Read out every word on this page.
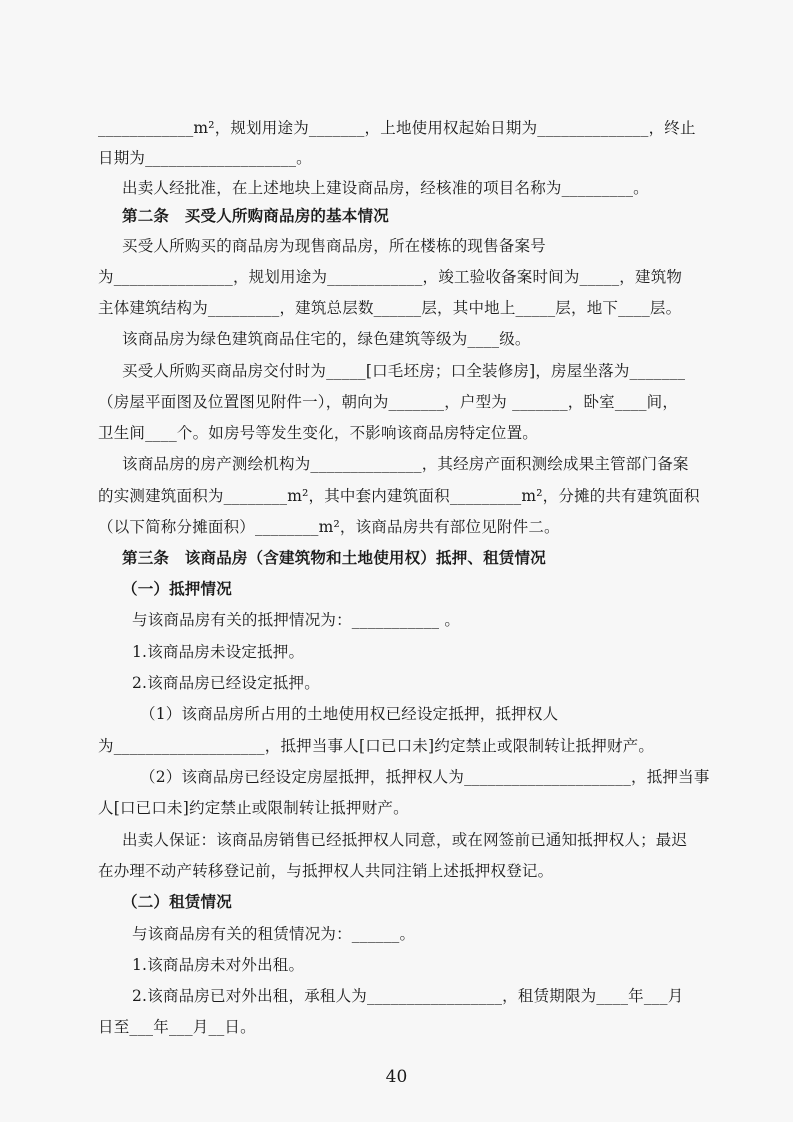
____________m²，规划用途为_______，上地使用权起始日期为______________，终止
日期为___________________。
出卖人经批准，在上述地块上建设商品房，经核准的项目名称为_________。
第二条　买受人所购商品房的基本情况
买受人所购买的商品房为现售商品房，所在楼栋的现售备案号
为_______________，规划用途为____________，竣工验收备案时间为_____，建筑物
主体建筑结构为_________，建筑总层数______层，其中地上_____层，地下____层。
该商品房为绿色建筑商品住宅的，绿色建筑等级为____级。
买受人所购买商品房交付时为_____[口毛坯房；口全装修房]，房屋坐落为_______
（房屋平面图及位置图见附件一），朝向为_______，户型为 _______，卧室____间，
卫生间____个。如房号等发生变化，不影响该商品房特定位置。
该商品房的房产测绘机构为______________，其经房产面积测绘成果主管部门备案
的实测建筑面积为________m²，其中套内建筑面积_________m²，分摊的共有建筑面积
（以下简称分摊面积）________m²，该商品房共有部位见附件二。
第三条　该商品房（含建筑物和土地使用权）抵押、租赁情况
（一）抵押情况
与该商品房有关的抵押情况为：___________ 。
1.该商品房未设定抵押。
2.该商品房已经设定抵押。
（1）该商品房所占用的土地使用权已经设定抵押，抵押权人
为___________________，抵押当事人[口已口未]约定禁止或限制转让抵押财产。
（2）该商品房已经设定房屋抵押，抵押权人为_____________________，抵押当事
人[口已口未]约定禁止或限制转让抵押财产。
出卖人保证：该商品房销售已经抵押权人同意，或在网签前已通知抵押权人；最迟
在办理不动产转移登记前，与抵押权人共同注销上述抵押权登记。
（二）租赁情况
与该商品房有关的租赁情况为：______。
1.该商品房未对外出租。
2.该商品房已对外出租，承租人为_________________，租赁期限为____年___月
日至___年___月__日。
40
